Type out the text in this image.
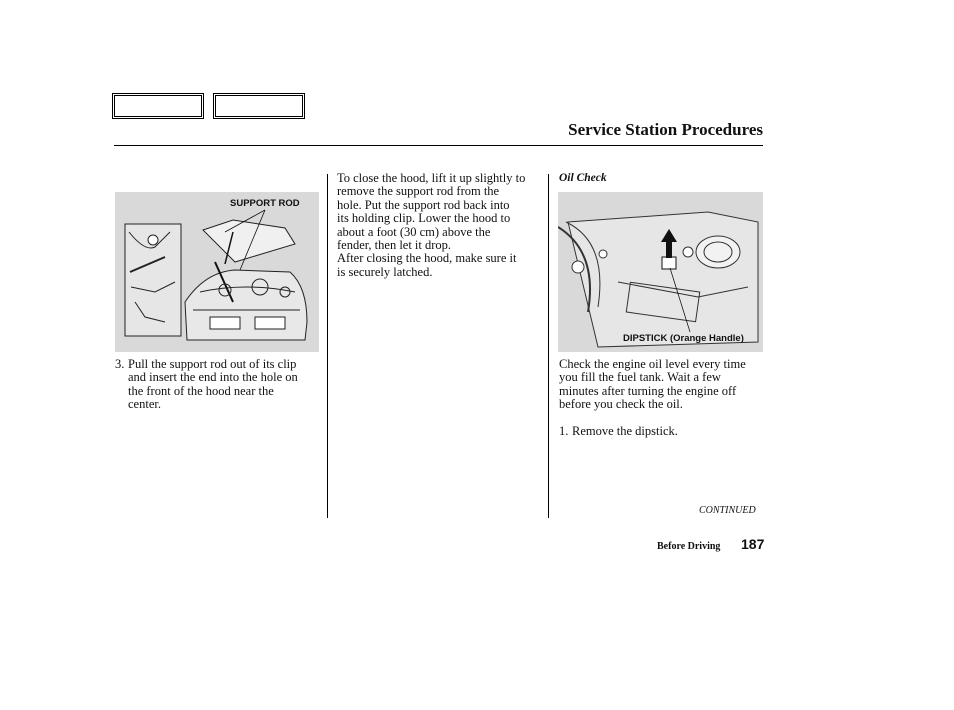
Service Station Procedures
SUPPORT ROD
DIPSTICK (Orange Handle)
3. Pull the support rod out of its clip
and insert the end into the hole on
the front of the hood near the
center.
To close the hood, lift it up slightly to
remove the support rod from the
hole. Put the support rod back into
its holding clip. Lower the hood to
about a foot (30 cm) above the
fender, then let it drop.
After closing the hood, make sure it
is securely latched.
Oil Check
Check the engine oil level every time
you fill the fuel tank. Wait a few
minutes after turning the engine off
before you check the oil.
1. Remove the dipstick.
CONTINUED
Before Driving 187
